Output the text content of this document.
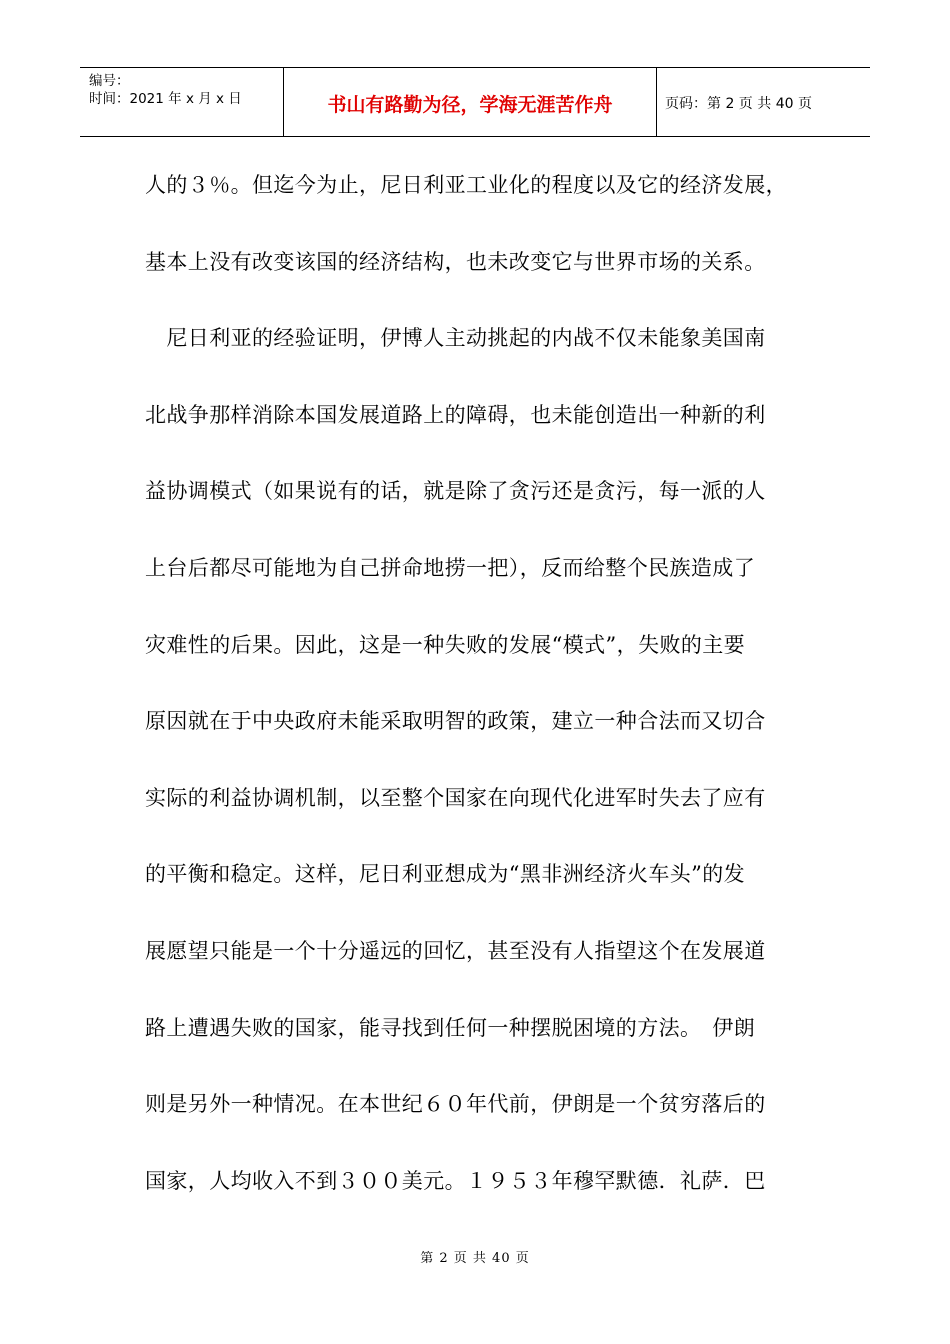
编号：
时间：2021 年 x 月 x 日	书山有路勤为径，学海无涯苦作舟	页码：第 2 页 共 40 页
人的３％。但迄今为止，尼日利亚工业化的程度以及它的经济发展，
基本上没有改变该国的经济结构，也未改变它与世界市场的关系。
　尼日利亚的经验证明，伊博人主动挑起的内战不仅未能象美国南
北战争那样消除本国发展道路上的障碍，也未能创造出一种新的利
益协调模式（如果说有的话，就是除了贪污还是贪污，每一派的人
上台后都尽可能地为自己拼命地捞一把），反而给整个民族造成了
灾难性的后果。因此，这是一种失败的发展“模式”，失败的主要
原因就在于中央政府未能采取明智的政策，建立一种合法而又切合
实际的利益协调机制，以至整个国家在向现代化进军时失去了应有
的平衡和稳定。这样，尼日利亚想成为“黑非洲经济火车头”的发
展愿望只能是一个十分遥远的回忆，甚至没有人指望这个在发展道
路上遭遇失败的国家，能寻找到任何一种摆脱困境的方法。　伊朗
则是另外一种情况。在本世纪６０年代前，伊朗是一个贫穷落后的
国家，人均收入不到３００美元。１９５３年穆罕默德．礼萨．巴
第 2 页 共 40 页
